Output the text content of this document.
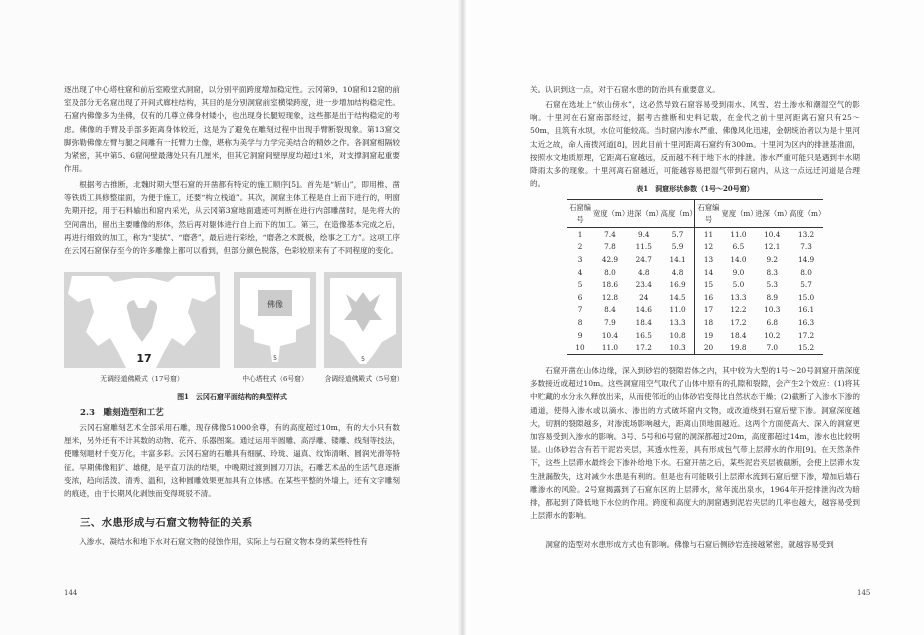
逐出现了中心塔柱窟和前后室殿堂式洞窟，以分别平面跨度增加稳定性。云冈第9、10窟和12窟的前室及部分无名窟出现了开间式廊柱结构，其目的是分别洞窟前室横梁跨度，进一步增加结构稳定性。石窟内佛像多为坐佛，仅有的几尊立佛身材矮小，也出现身长腿短现象，这些都是出于结构稳定的考虑。佛像的手臂及手部多距离身体较近，这是为了避免在雕刻过程中出现手臂断裂现象。第13窟交脚弥勒佛像左臂与腿之间雕有一托臂力士像，堪称为美学与力学完美结合的精妙之作。各洞窟相隔较为紧密，其中第5、6窟间壁最薄处只有几厘米，但其它洞窟间壁厚度均超过1米，对支撑洞窟起重要作用。

根据考古推断，北魏时期大型石窟的开凿都有特定的施工顺序[5]。首先是“斩山”，即用椎、凿等铁质工具修整崖面，为便于施工，还要“构立栈道”。其次，洞窟主体工程是自上而下进行的，明窗先期开挖，用于石料输出和窟内采光，从云冈第3窟地面遗迹可判断在进行内部雕凿时，是先将大的空间凿出，留出主要雕像的形体，然后再对躯体进行自上而下的加工。第三，在造像基本完成之后，再进行细致的加工，称为“斐拭”、“磨砻”，最后进行彩绘，“磨砻之术既极，绘事之工方”。这项工序在云冈石窟保存至今的许多雕像上都可以看到，但部分颜色脱落，色彩较原来有了不同程度的变化。

17
佛像
5	5
无调经道佛殿式（17号窟）	中心塔柱式（6号窟）	含调经道佛殿式（5号窟）
图1　云冈石窟平面结构的典型样式
2.3　雕刻造型和工艺

云冈石窟雕刻艺术全部采用石雕，现存佛像51000余尊，有的高度超过10m，有的大小只有数厘米，另外还有不计其数的动物、花卉、乐器图案。通过运用半圆雕、高浮雕、镂雕、线刻等技法，使雕刻题材千变万化，丰富多彩。云冈石窟的石雕具有细腻、玲珑、逼真、纹饰清晰、圆润光滑等特征。早期佛像粗犷、雄健，是平直刀法的结果，中晚期过渡到圆刀刀法，石雕艺术品的生活气息逐渐变浓，趋向活泼、清秀、温和，这种圆雕效果更加具有立体感。在某些平整的外墙上，还有文字雕刻的痕迹，由于长期风化剥蚀而变得斑驳不清。

三、水患形成与石窟文物特征的关系

入渗水、凝结水和地下水对石窟文物的侵蚀作用，实际上与石窟文物本身的某些特性有

144

关。认识到这一点，对于石窟水患的防治具有重要意义。

石窟在选址上“依山傍水”，这必然导致石窟容易受到雨水、风雪、岩土渗水和潮湿空气的影响。十里河在石窟南部经过，据考古推断和史料记载，在金代之前十里河距离石窟只有25～50m，且筑有水坝，水位可能较高。当时窟内渗水严重、佛像风化迅速，金朝统治者以为是十里河太近之故，命人南拨河道[8]，因此目前十里河距离石窟约有300m。十里河为区内的排泄基准面，按照水文地质原理，它距离石窟越远，反而越不利于地下水的排泄。渗水严重可能只是遇到丰水期降雨太多的现象。十里河离石窟越近，可能越容易把湿气带到石窟内，从这一点远迁河道是合理的。

表1　洞窟形状参数（1号～20号窟）
石窟编号	宽度（m）	进深（m）	高度（m）	石窟编号	宽度（m）	进深（m）	高度（m）
1	7.4	9.4	5.7	11	11.0	10.4	13.2
2	7.8	11.5	5.9	12	6.5	12.1	7.3
3	42.9	24.7	14.1	13	14.0	9.2	14.9
4	8.0	4.8	4.8	14	9.0	8.3	8.0
5	18.6	23.4	16.9	15	5.0	5.3	5.7
6	12.8	24	14.5	16	13.3	8.9	15.0
7	8.4	14.6	11.0	17	12.2	10.3	16.1
8	7.9	18.4	13.3	18	17.2	6.8	16.3
9	10.4	16.5	10.8	19	18.4	10.2	17.2
10	11.0	17.2	10.3	20	19.8	7.0	15.2

石窟开凿在山体边缘，深入到砂岩的裂隙岩体之内，其中较为大型的1号～20号洞窟开凿深度多数接近或超过10m。这些洞窟用空气取代了山体中原有的孔隙和裂隙，会产生2个效应：(1)将其中贮藏的水分永久释放出来，从而使邻近的山体砂岩变得比自然状态干燥；(2)截断了入渗水下渗的通道，使得入渗水或以滴水、渗出的方式破坏窟内文物，或改道绕到石窟后壁下渗。洞窟深度越大，切割的裂隙越多，对渗流场影响越大，距离山顶地面越近。这两个方面使高大、深入的洞窟更加容易受到入渗水的影响。3号、5号和6号窟的洞深都超过20m，高度都超过14m，渗水也比较明显。山体砂岩含有若干泥岩夹层，其透水性差，具有形成包气带上层滞水的作用[9]。在天然条件下，这些上层滞水最终会下渗补给地下水。石窟开凿之后，某些泥岩夹层被截断，会使上层滞水发生泄漏散失，这对减少水患是有利的。但是也有可能吸引上层滞水流到石窟后壁下渗，增加后墙石雕渗水的风险。2号窟揭露到了石窟东区的上层滞水，常年流出泉水，1964年开挖排泄沟改为暗排，都起到了降低地下水位的作用。跨度和高度大的洞窟遇到泥岩夹层的几率也越大，越容易受到上层滞水的影响。

洞窟的造型对水患形成方式也有影响。佛像与石窟后侧砂岩连接越紧密，就越容易受到

145
